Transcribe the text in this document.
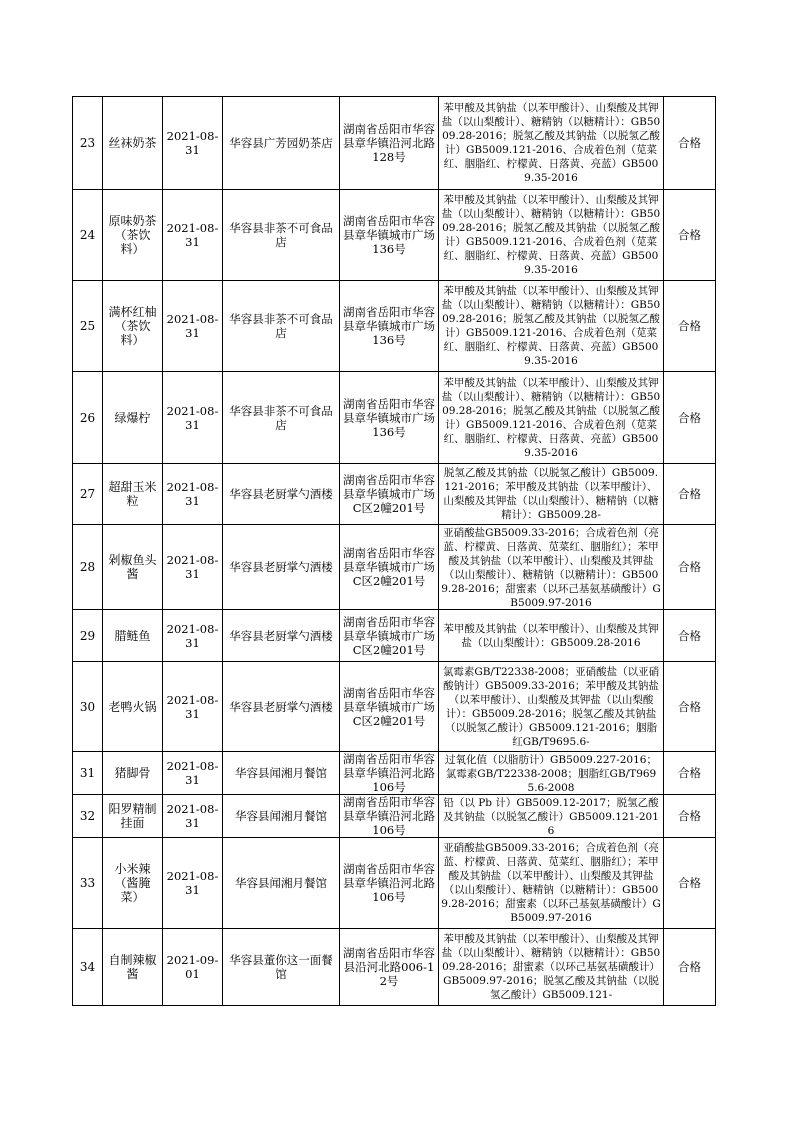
23	丝袜奶茶	2021-08-31	华容县广芳园奶茶店	湖南省岳阳市华容县章华镇沿河北路128号	苯甲酸及其钠盐（以苯甲酸计）、山梨酸及其钾盐（以山梨酸计）、糖精钠（以糖精计）：GB5009.28-2016；脱氢乙酸及其钠盐（以脱氢乙酸计）GB5009.121-2016、合成着色剂（苋菜红、胭脂红、柠檬黄、日落黄、亮蓝）GB5009.35-2016	合格
24	原味奶茶（茶饮料）	2021-08-31	华容县非茶不可食品店	湖南省岳阳市华容县章华镇城市广场136号	苯甲酸及其钠盐（以苯甲酸计）、山梨酸及其钾盐（以山梨酸计）、糖精钠（以糖精计）：GB5009.28-2016；脱氢乙酸及其钠盐（以脱氢乙酸计）GB5009.121-2016、合成着色剂（苋菜红、胭脂红、柠檬黄、日落黄、亮蓝）GB5009.35-2016	合格
25	满杯红柚（茶饮料）	2021-08-31	华容县非茶不可食品店	湖南省岳阳市华容县章华镇城市广场136号	苯甲酸及其钠盐（以苯甲酸计）、山梨酸及其钾盐（以山梨酸计）、糖精钠（以糖精计）：GB5009.28-2016；脱氢乙酸及其钠盐（以脱氢乙酸计）GB5009.121-2016、合成着色剂（苋菜红、胭脂红、柠檬黄、日落黄、亮蓝）GB5009.35-2016	合格
26	绿爆柠	2021-08-31	华容县非茶不可食品店	湖南省岳阳市华容县章华镇城市广场136号	苯甲酸及其钠盐（以苯甲酸计）、山梨酸及其钾盐（以山梨酸计）、糖精钠（以糖精计）：GB5009.28-2016；脱氢乙酸及其钠盐（以脱氢乙酸计）GB5009.121-2016、合成着色剂（苋菜红、胭脂红、柠檬黄、日落黄、亮蓝）GB5009.35-2016	合格
27	超甜玉米粒	2021-08-31	华容县老厨掌勺酒楼	湖南省岳阳市华容县章华镇城市广场C区2幢201号	脱氢乙酸及其钠盐（以脱氢乙酸计）GB5009.121-2016；苯甲酸及其钠盐（以苯甲酸计）、山梨酸及其钾盐（以山梨酸计）、糖精钠（以糖精计）：GB5009.28-	合格
28	剁椒鱼头酱	2021-08-31	华容县老厨掌勺酒楼	湖南省岳阳市华容县章华镇城市广场C区2幢201号	亚硝酸盐GB5009.33-2016；合成着色剂（亮蓝、柠檬黄、日落黄、苋菜红、胭脂红）；苯甲酸及其钠盐（以苯甲酸计）、山梨酸及其钾盐（以山梨酸计）、糖精钠（以糖精计）：GB5009.28-2016；甜蜜素（以环己基氨基磺酸计）GB5009.97-2016	合格
29	腊鲢鱼	2021-08-31	华容县老厨掌勺酒楼	湖南省岳阳市华容县章华镇城市广场C区2幢201号	苯甲酸及其钠盐（以苯甲酸计）、山梨酸及其钾盐（以山梨酸计）：GB5009.28-2016	合格
30	老鸭火锅	2021-08-31	华容县老厨掌勺酒楼	湖南省岳阳市华容县章华镇城市广场C区2幢201号	氯霉素GB/T22338-2008；亚硝酸盐（以亚硝酸钠计）GB5009.33-2016；苯甲酸及其钠盐（以苯甲酸计）、山梨酸及其钾盐（以山梨酸计）：GB5009.28-2016；脱氢乙酸及其钠盐（以脱氢乙酸计）GB5009.121-2016；胭脂红GB/T9695.6-	合格
31	猪脚骨	2021-08-31	华容县闻湘月餐馆	湖南省岳阳市华容县章华镇沿河北路106号	过氧化值（以脂肪计）GB5009.227-2016；氯霉素GB/T22338-2008；胭脂红GB/T9695.6-2008	合格
32	阳罗精制挂面	2021-08-31	华容县闻湘月餐馆	湖南省岳阳市华容县章华镇沿河北路106号	铅（以 Pb 计）GB5009.12-2017；脱氢乙酸及其钠盐（以脱氢乙酸计）GB5009.121-2016	合格
33	小米辣（酱腌菜）	2021-08-31	华容县闻湘月餐馆	湖南省岳阳市华容县章华镇沿河北路106号	亚硝酸盐GB5009.33-2016；合成着色剂（亮蓝、柠檬黄、日落黄、苋菜红、胭脂红）；苯甲酸及其钠盐（以苯甲酸计）、山梨酸及其钾盐（以山梨酸计）、糖精钠（以糖精计）：GB5009.28-2016；甜蜜素（以环己基氨基磺酸计）GB5009.97-2016	合格
34	自制辣椒酱	2021-09-01	华容县董你这一面餐馆	湖南省岳阳市华容县沿河北路006-12号	苯甲酸及其钠盐（以苯甲酸计）、山梨酸及其钾盐（以山梨酸计）、糖精钠（以糖精计）：GB5009.28-2016；甜蜜素（以环己基氨基磺酸计）GB5009.97-2016；脱氢乙酸及其钠盐（以脱氢乙酸计）GB5009.121-	合格
